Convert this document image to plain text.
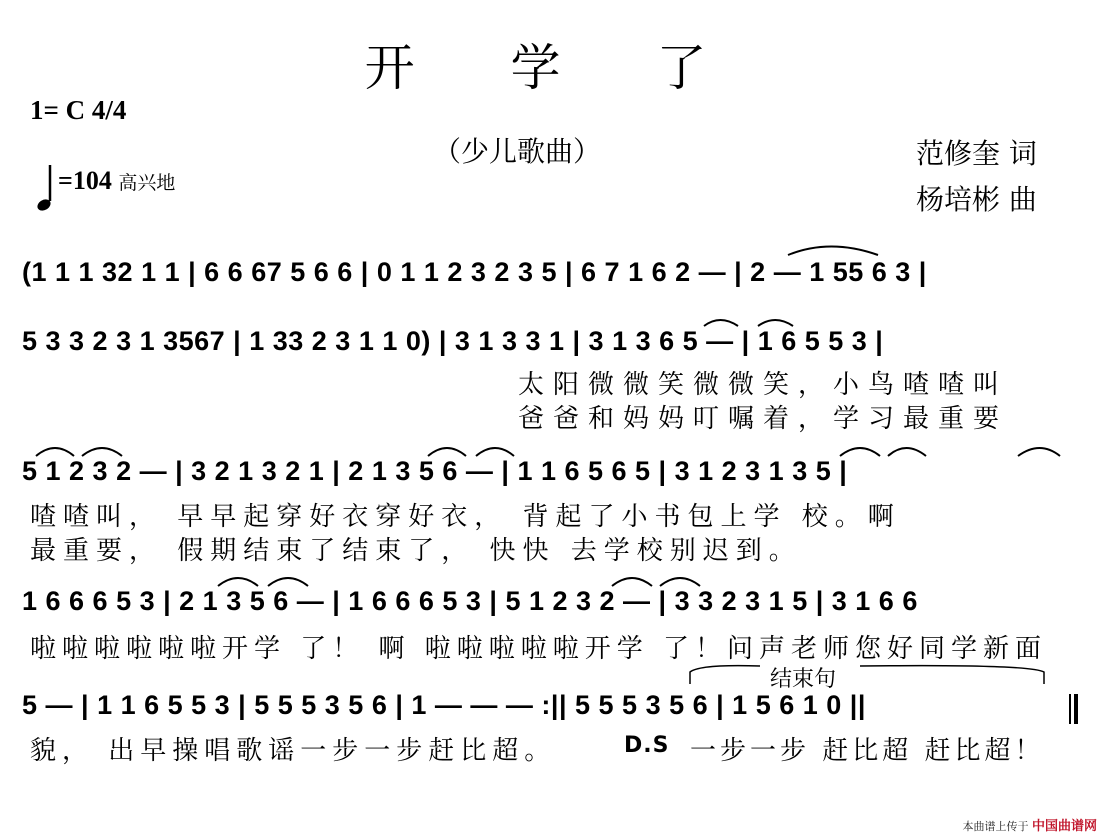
开 学 了
1= C 4/4
（少儿歌曲）	范修奎 词
杨培彬 曲
=104 高兴地
(1 1 1 32 1 1 | 6 6 67 5 6 6 | 0 1 1 2 3 2 3 5 | 6 7 1 6 2 — | 2 — 1 55 6 3 |
5 3 3 2 3 1 3567 | 1 33 2 3 1 1 0) | 3 1 3 3 1 | 3 1 3 6 5 — | 1 6 5 5 3 |
5 1 2 3 2 — | 3 2 1 3 2 1 | 2 1 3 5 6 — | 1 1 6 5 6 5 | 3 1 2 3 1 3 5 |
1 6 6 6 5 3 | 2 1 3 5 6 — | 1 6 6 6 5 3 | 5 1 2 3 2 — | 3 3 2 3 1 5 | 3 1 6 6
5 — | 1 1 6 5 5 3 | 5 5 5 3 5 6 | 1 — — — :|| 5 5 5 3 5 6 | 1 5 6 1 0 ||
太阳微微笑微微笑，小鸟喳喳叫
爸爸和妈妈叮嘱着，学习最重要
喳喳叫， 早早起穿好衣穿好衣， 背起了小书包上学 校。啊
最重要， 假期结束了结束了， 快快 去学校别迟到。
啦啦啦啦啦啦开学 了！ 啊 啦啦啦啦啦开学 了！问声老师您好同学新面
貌， 出早操唱歌谣一步一步赶比超。	D.S 一步一步 赶比超 赶比超！
结束句
本曲谱上传于 中国曲谱网
